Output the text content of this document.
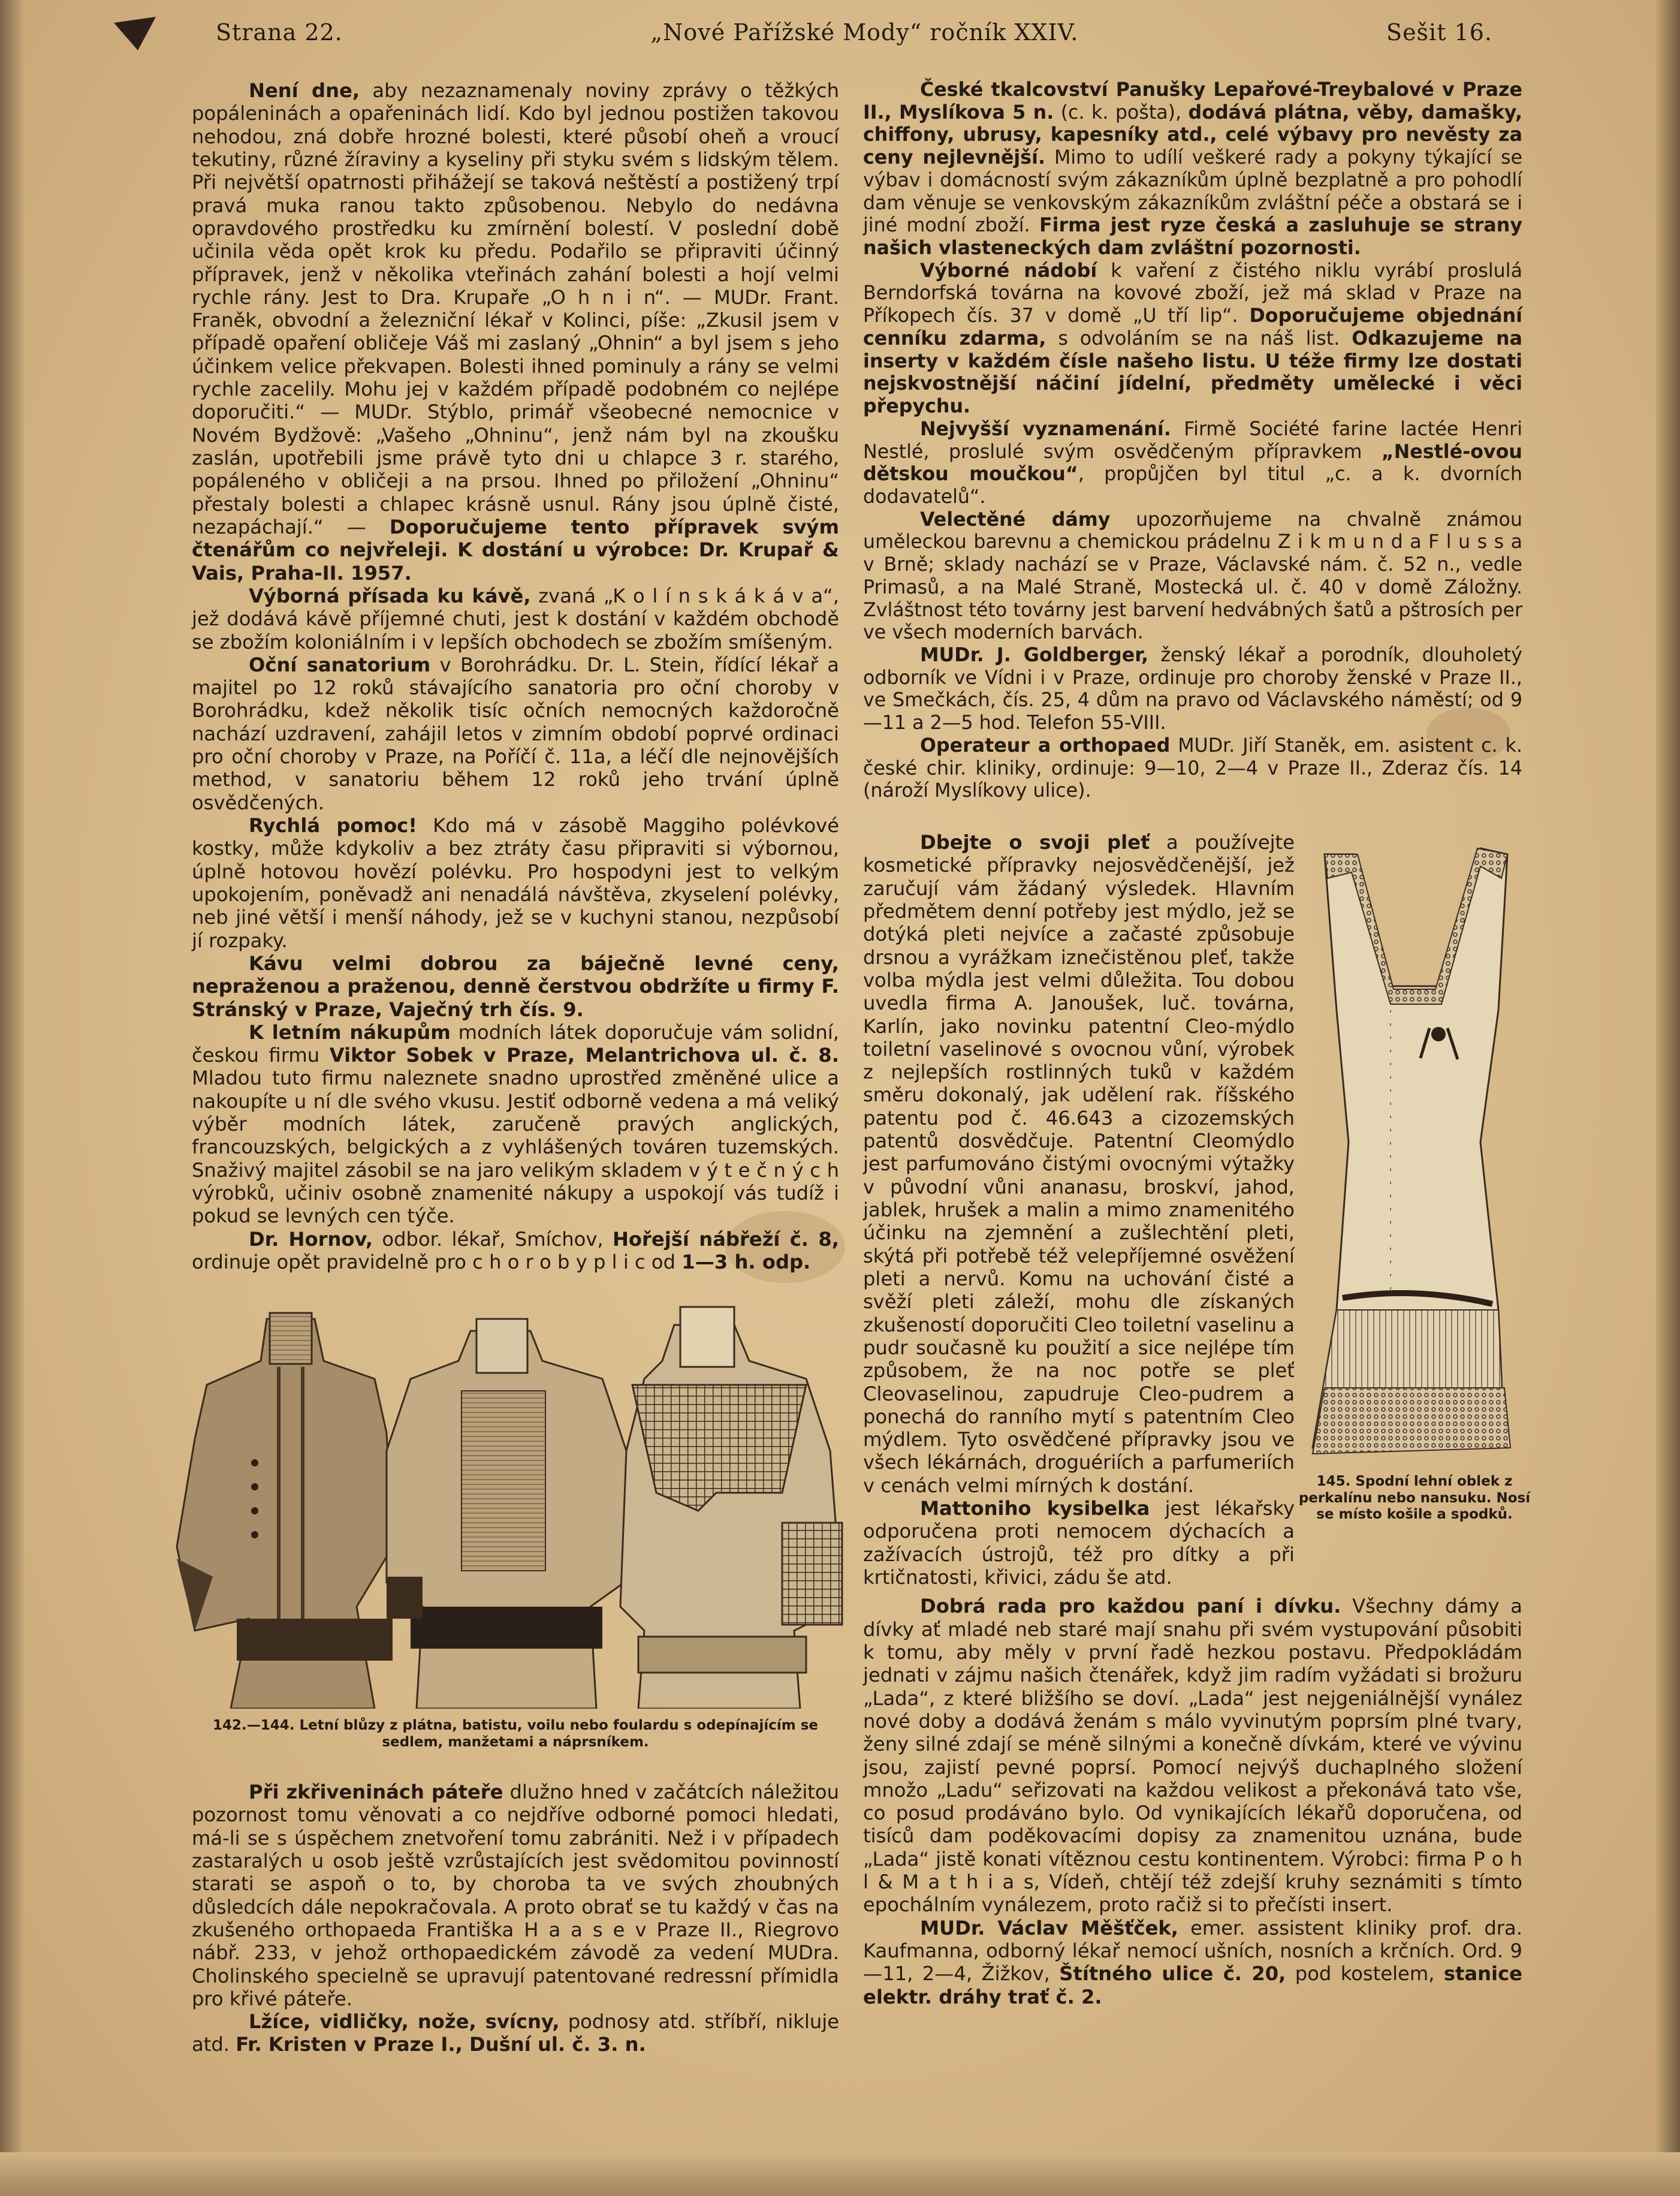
Strana 22.	„Nové Pařížské Mody“ ročník XXIV.	Sešit 16.

Není dne, aby nezaznamenaly noviny zprávy o těžkých popáleninách a opařeninách lidí. Kdo byl jednou postižen takovou nehodou, zná dobře hrozné bolesti, které působí oheň a vroucí tekutiny, různé žíraviny a kyseliny při styku svém s lidským tělem. Při největší opatrnosti přihážejí se taková neštěstí a postižený trpí pravá muka ranou takto způsobenou. Nebylo do nedávna opravdového prostředku ku zmírnění bolestí. V poslední době učinila věda opět krok ku předu. Podařilo se připraviti účinný přípravek, jenž v několika vteřinách zahání bolesti a hojí velmi rychle rány. Jest to Dra. Krupaře „O h n i n“. — MUDr. Frant. Franěk, obvodní a železniční lékař v Kolinci, píše: „Zkusil jsem v případě opaření obličeje Váš mi zaslaný „Ohnin“ a byl jsem s jeho účinkem velice překvapen. Bolesti ihned pominuly a rány se velmi rychle zacelily. Mohu jej v každém případě podobném co nejlépe doporučiti.“ — MUDr. Stýblo, primář všeobecné nemocnice v Novém Bydžově: „Vašeho „Ohninu“, jenž nám byl na zkoušku zaslán, upotřebili jsme právě tyto dni u chlapce 3 r. starého, popáleného v obličeji a na prsou. Ihned po přiložení „Ohninu“ přestaly bolesti a chlapec krásně usnul. Rány jsou úplně čisté, nezapáchají.“ — Doporučujeme tento přípravek svým čtenářům co nejvřeleji. K dostání u výrobce: Dr. Krupař & Vais, Praha-II. 1957.

Výborná přísada ku kávě, zvaná „K o l í n s k á k á v a“, jež dodává kávě příjemné chuti, jest k dostání v každém obchodě se zbožím koloniálním i v lepších obchodech se zbožím smíšeným.

Oční sanatorium v Borohrádku. Dr. L. Stein, řídící lékař a majitel po 12 roků stávajícího sanatoria pro oční choroby v Borohrádku, kdež několik tisíc očních nemocných každoročně nachází uzdravení, zahájil letos v zimním období poprvé ordinaci pro oční choroby v Praze, na Poříčí č. 11a, a léčí dle nejnovějších method, v sanatoriu během 12 roků jeho trvání úplně osvědčených.

Rychlá pomoc! Kdo má v zásobě Maggiho polévkové kostky, může kdykoliv a bez ztráty času připraviti si výbornou, úplně hotovou hovězí polévku. Pro hospodyni jest to velkým upokojením, poněvadž ani nenadálá návštěva, zkyselení polévky, neb jiné větší i menší náhody, jež se v kuchyni stanou, nezpůsobí jí rozpaky.

Kávu velmi dobrou za báječně levné ceny, nepraženou a praženou, denně čerstvou obdržíte u firmy F. Stránský v Praze, Vaječný trh čís. 9.

K letním nákupům modních látek doporučuje vám solidní, českou firmu Viktor Sobek v Praze, Melantrichova ul. č. 8. Mladou tuto firmu naleznete snadno uprostřed změněné ulice a nakoupíte u ní dle svého vkusu. Jestiť odborně vedena a má veliký výběr modních látek, zaručeně pravých anglických, francouzských, belgických a z vyhlášených továren tuzemských. Snaživý majitel zásobil se na jaro velikým skladem v ý t e č n ý c h výrobků, učiniv osobně znamenité nákupy a uspokojí vás tudíž i pokud se levných cen týče.

Dr. Hornov, odbor. lékař, Smíchov, Hořejší nábřeží č. 8, ordinuje opět pravidelně pro c h o r o b y p l i c od 1—3 h. odp.

142.—144. Letní blůzy z plátna, batistu, voilu nebo foulardu s odepínajícím se sedlem, manžetami a náprsníkem.

Při zkřiveninách páteře dlužno hned v začátcích náležitou pozornost tomu věnovati a co nejdříve odborné pomoci hledati, má-li se s úspěchem znetvoření tomu zabrániti. Než i v případech zastaralých u osob ještě vzrůstajících jest svědomitou povinností starati se aspoň o to, by choroba ta ve svých zhoubných důsledcích dále nepokračovala. A proto obrať se tu každý v čas na zkušeného orthopaeda Františka H a a s e v Praze II., Riegrovo nábř. 233, v jehož orthopaedickém závodě za vedení MUDra. Cholinského specielně se upravují patentované redressní přímidla pro křivé páteře.

Lžíce, vidličky, nože, svícny, podnosy atd. stříbří, nikluje atd. Fr. Kristen v Praze I., Dušní ul. č. 3. n.

České tkalcovství Panušky Lepařové-Treybalové v Praze II., Myslíkova 5 n. (c. k. pošta), dodává plátna, věby, damašky, chiffony, ubrusy, kapesníky atd., celé výbavy pro nevěsty za ceny nejlevnější. Mimo to udílí veškeré rady a pokyny týkající se výbav i domácností svým zákazníkům úplně bezplatně a pro pohodlí dam věnuje se venkovským zákazníkům zvláštní péče a obstará se i jiné modní zboží. Firma jest ryze česká a zasluhuje se strany našich vlasteneckých dam zvláštní pozornosti.

Výborné nádobí k vaření z čistého niklu vyrábí proslulá Berndorfská továrna na kovové zboží, jež má sklad v Praze na Příkopech čís. 37 v domě „U tří lip“. Doporučujeme objednání cenníku zdarma, s odvoláním se na náš list. Odkazujeme na inserty v každém čísle našeho listu. U téže firmy lze dostati nejskvostnější náčiní jídelní, předměty umělecké i věci přepychu.

Nejvyšší vyznamenání. Firmě Société farine lactée Henri Nestlé, proslulé svým osvědčeným přípravkem „Nestlé-ovou dětskou moučkou“, propůjčen byl titul „c. a k. dvorních dodavatelů“.

Velectěné dámy upozorňujeme na chvalně známou uměleckou barevnu a chemickou prádelnu Z i k m u n d a F l u s s a v Brně; sklady nachází se v Praze, Václavské nám. č. 52 n., vedle Primasů, a na Malé Straně, Mostecká ul. č. 40 v domě Záložny. Zvláštnost této továrny jest barvení hedvábných šatů a pštrosích per ve všech moderních barvách.

MUDr. J. Goldberger, ženský lékař a porodník, dlouholetý odborník ve Vídni i v Praze, ordinuje pro choroby ženské v Praze II., ve Smečkách, čís. 25, 4 dům na pravo od Václavského náměstí; od 9—11 a 2—5 hod. Telefon 55-VIII.

Operateur a orthopaed MUDr. Jiří Staněk, em. asistent c. k. české chir. kliniky, ordinuje: 9—10, 2—4 v Praze II., Zderaz čís. 14 (nároží Myslíkovy ulice).

Dbejte o svoji pleť a používejte kosmetické přípravky nejosvědčenější, jež zaručují vám žádaný výsledek. Hlavním předmětem denní potřeby jest mýdlo, jež se dotýká pleti nejvíce a začasté způsobuje drsnou a vyrážkam iznečistěnou pleť, takže volba mýdla jest velmi důležita. Tou dobou uvedla firma A. Janoušek, luč. továrna, Karlín, jako novinku patentní Cleo-mýdlo toiletní vaselinové s ovocnou vůní, výrobek z nejlepších rostlinných tuků v každém směru dokonalý, jak udělení rak. říšského patentu pod č. 46.643 a cizozemských patentů dosvědčuje. Patentní Cleomýdlo jest parfumováno čistými ovocnými výtažky v původní vůni ananasu, broskví, jahod, jablek, hrušek a malin a mimo znamenitého účinku na zjemnění a zušlechtění pleti, skýtá při potřebě též velepříjemné osvěžení pleti a nervů. Komu na uchování čisté a svěží pleti záleží, mohu dle získaných zkušeností doporučiti Cleo toiletní vaselinu a pudr současně ku použití a sice nejlépe tím způsobem, že na noc potře se pleť Cleovaselinou, zapudruje Cleo-pudrem a ponechá do ranního mytí s patentním Cleo mýdlem. Tyto osvědčené přípravky jsou ve všech lékárnách, droguériích a parfumeriích v cenách velmi mírných k dostání.

Mattoniho kysibelka jest lékařsky odporučena proti nemocem dýchacích a zažívacích ústrojů, též pro dítky a při krtičnatosti, křivici, zádu še atd.

145. Spodní lehní oblek z perkalínu nebo nansuku. Nosí se místo košile a spodků.

Dobrá rada pro každou paní i dívku. Všechny dámy a dívky ať mladé neb staré mají snahu při svém vystupování působiti k tomu, aby měly v první řadě hezkou postavu. Předpokládám jednati v zájmu našich čtenářek, když jim radím vyžádati si brožuru „Lada“, z které bližšího se doví. „Lada“ jest nejgeniálnější vynález nové doby a dodává ženám s málo vyvinutým poprsím plné tvary, ženy silné zdají se méně silnými a konečně dívkám, které ve vývinu jsou, zajistí pevné poprsí. Pomocí nejvýš duchaplného složení množo „Ladu“ seřizovati na každou velikost a překonává tato vše, co posud prodáváno bylo. Od vynikajících lékařů doporučena, od tisíců dam poděkovacími dopisy za znamenitou uznána, bude „Lada“ jistě konati vítěznou cestu kontinentem. Výrobci: firma P o h l & M a t h i a s, Vídeň, chtějí též zdejší kruhy seznámiti s tímto epochálním vynálezem, proto račiž si to přečísti insert.

MUDr. Václav Měšťček, emer. assistent kliniky prof. dra. Kaufmanna, odborný lékař nemocí ušních, nosních a krčních. Ord. 9—11, 2—4, Žižkov, Štítného ulice č. 20, pod kostelem, stanice elektr. dráhy trať č. 2.
